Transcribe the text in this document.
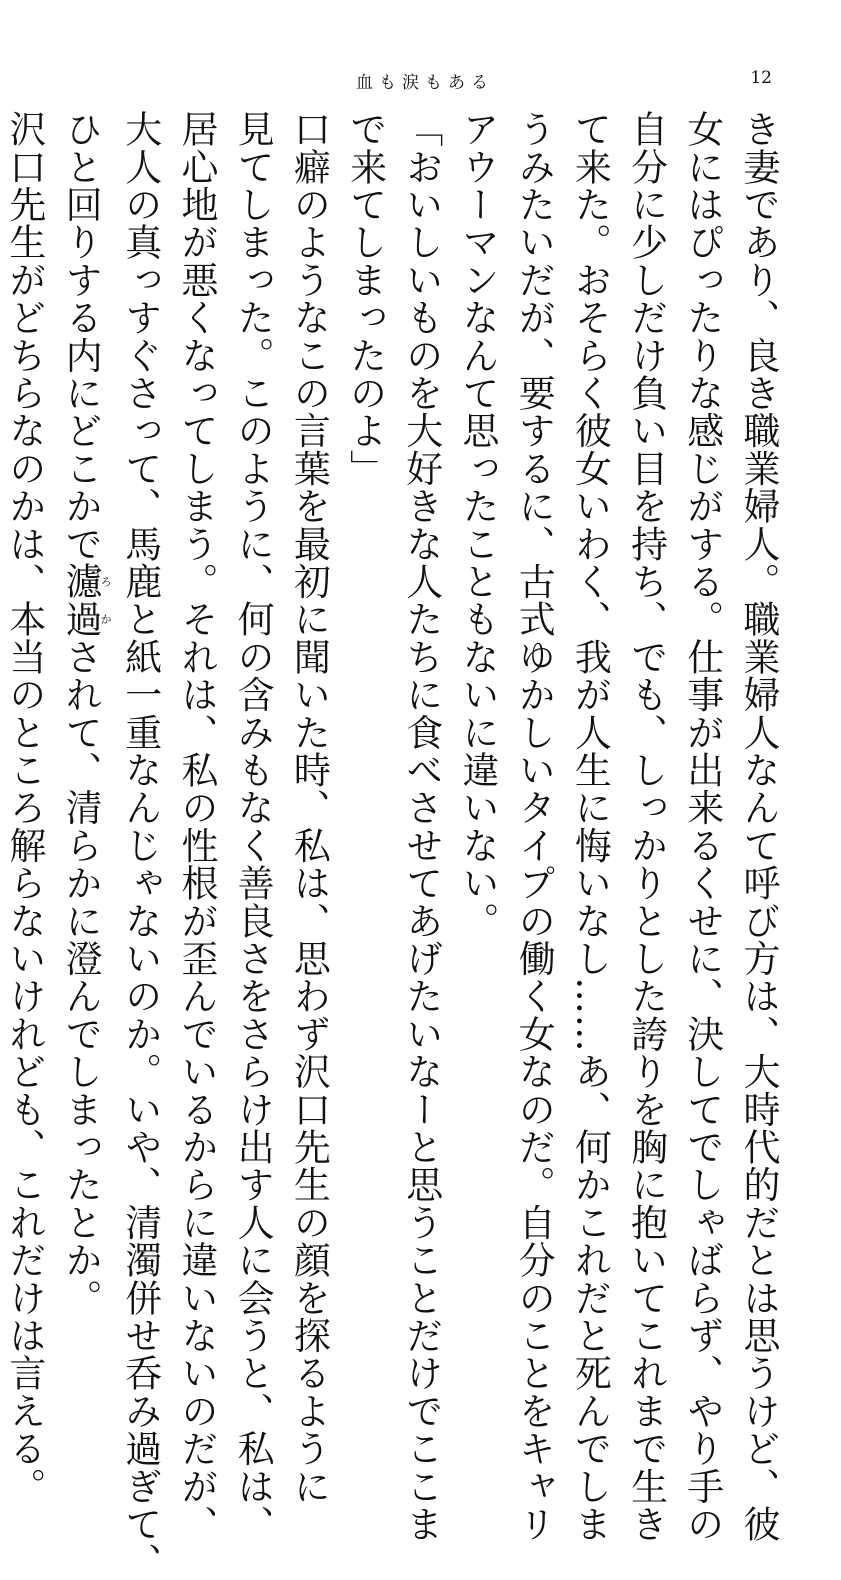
血も涙もある	12
き妻であり、良き職業婦人。職業婦人なんて呼び方は、大時代的だとは思うけど、彼
女にはぴったりな感じがする。仕事が出来るくせに、決してでしゃばらず、やり手の
自分に少しだけ負い目を持ち、でも、しっかりとした誇りを胸に抱いてこれまで生き
て来た。おそらく彼女いわく、我が人生に悔いなし……あ、何かこれだと死んでしま
うみたいだが、要するに、古式ゆかしいタイプの働く女なのだ。自分のことをキャリ
アウーマンなんて思ったこともないに違いない。
「おいしいものを大好きな人たちに食べさせてあげたいなーと思うことだけでここま
で来てしまったのよ」
口癖のようなこの言葉を最初に聞いた時、私は、思わず沢口先生の顔を探るように
見てしまった。このように、何の含みもなく善良さをさらけ出す人に会うと、私は、
居心地が悪くなってしまう。それは、私の性根が歪んでいるからに違いないのだが、
大人の真っすぐさって、馬鹿と紙一重なんじゃないのか。いや、清濁併せ呑み過ぎて、
ひと回りする内にどこかで濾ろ過かされて、清らかに澄んでしまったとか。
沢口先生がどちらなのかは、本当のところ解らないけれども、これだけは言える。
